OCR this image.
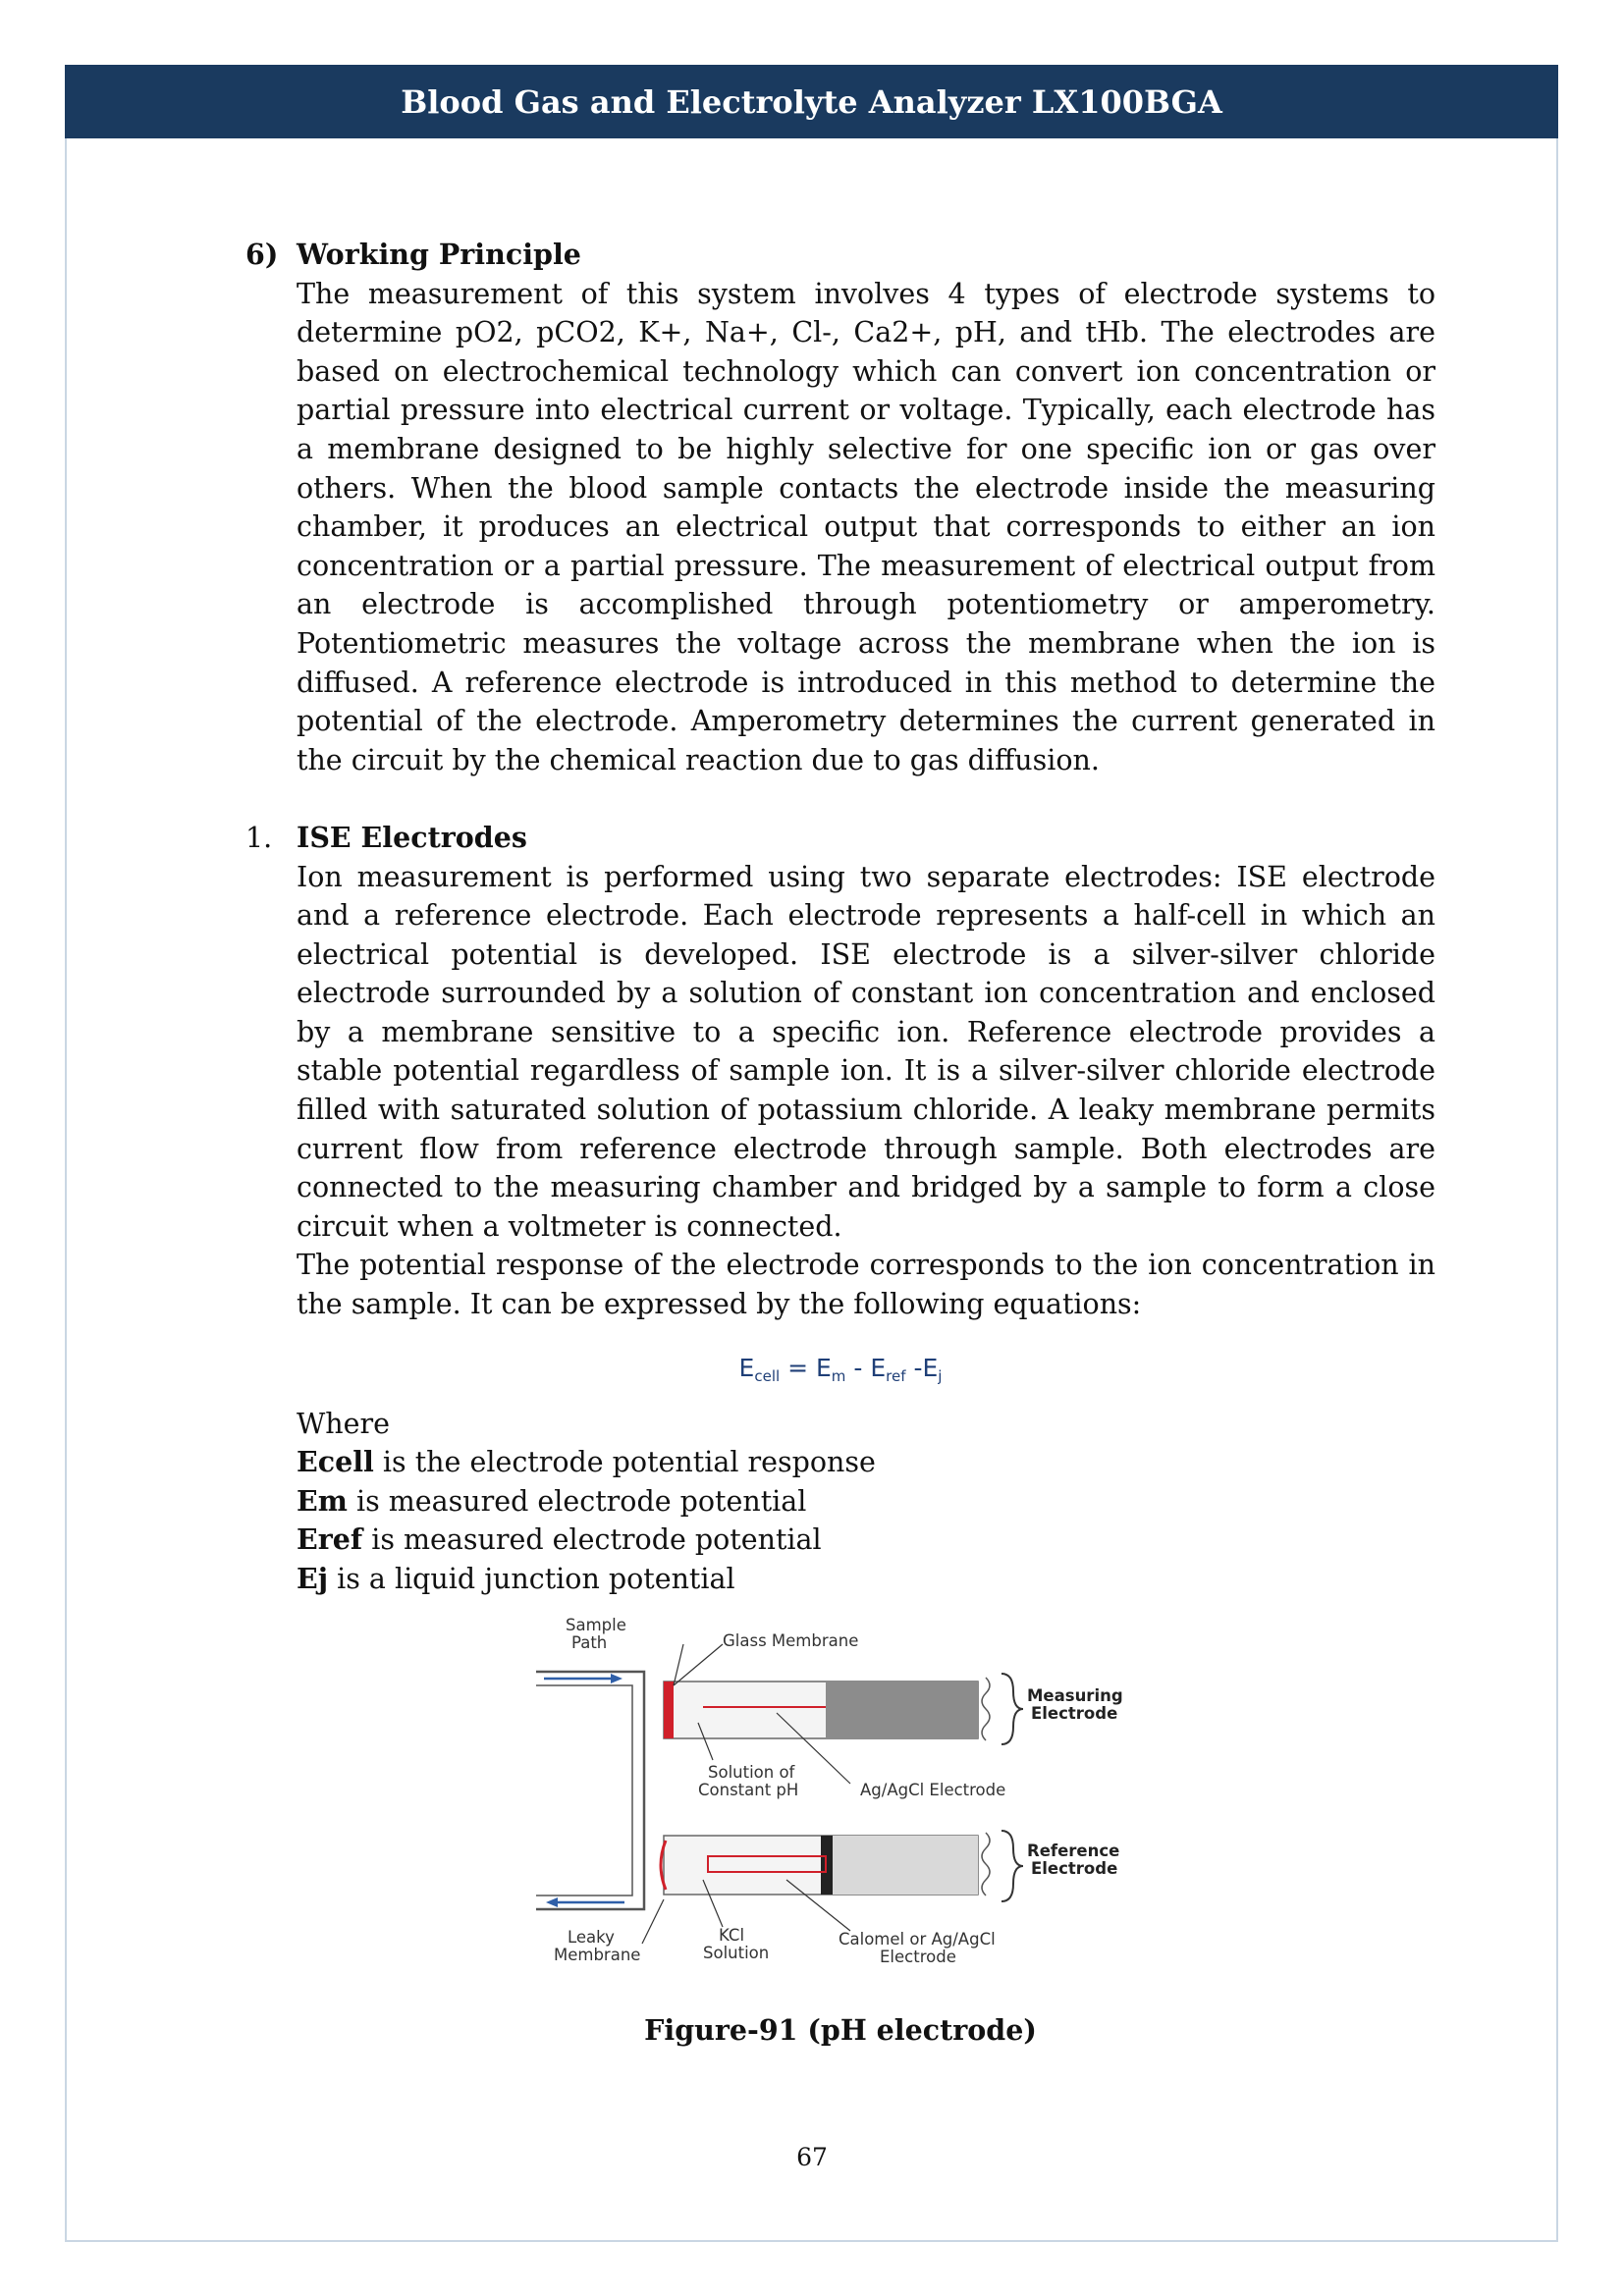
Blood Gas and Electrolyte Analyzer LX100BGA
6) Working Principle
The measurement of this system involves 4 types of electrode systems to determine pO2, pCO2, K+, Na+, Cl-, Ca2+, pH, and tHb. The electrodes are based on electrochemical technology which can convert ion concentration or partial pressure into electrical current or voltage. Typically, each electrode has a membrane designed to be highly selective for one specific ion or gas over others. When the blood sample contacts the electrode inside the measuring chamber, it produces an electrical output that corresponds to either an ion concentration or a partial pressure. The measurement of electrical output from an electrode is accomplished through potentiometry or amperometry. Potentiometric measures the voltage across the membrane when the ion is diffused. A reference electrode is introduced in this method to determine the potential of the electrode. Amperometry determines the current generated in the circuit by the chemical reaction due to gas diffusion.
1. ISE Electrodes
Ion measurement is performed using two separate electrodes: ISE electrode and a reference electrode. Each electrode represents a half-cell in which an electrical potential is developed. ISE electrode is a silver-silver chloride electrode surrounded by a solution of constant ion concentration and enclosed by a membrane sensitive to a specific ion. Reference electrode provides a stable potential regardless of sample ion. It is a silver-silver chloride electrode filled with saturated solution of potassium chloride. A leaky membrane permits current flow from reference electrode through sample. Both electrodes are connected to the measuring chamber and bridged by a sample to form a close circuit when a voltmeter is connected.
The potential response of the electrode corresponds to the ion concentration in the sample. It can be expressed by the following equations:
$E_{cell} = E_m - E_{ref}$ $-E_j$
Where
Ecell is the electrode potential response
Em is measured electrode potential
Eref is measured electrode potential
Ej is a liquid junction potential
Sample
Path	Glass Membrane
Measuring
Electrode
Solution of
Constant pH	Ag/AgCl Electrode
Reference
Electrode
Leaky
Membrane
KCl
Solution
Calomel or Ag/AgCl
Electrode
Figure-91 (pH electrode)
67
